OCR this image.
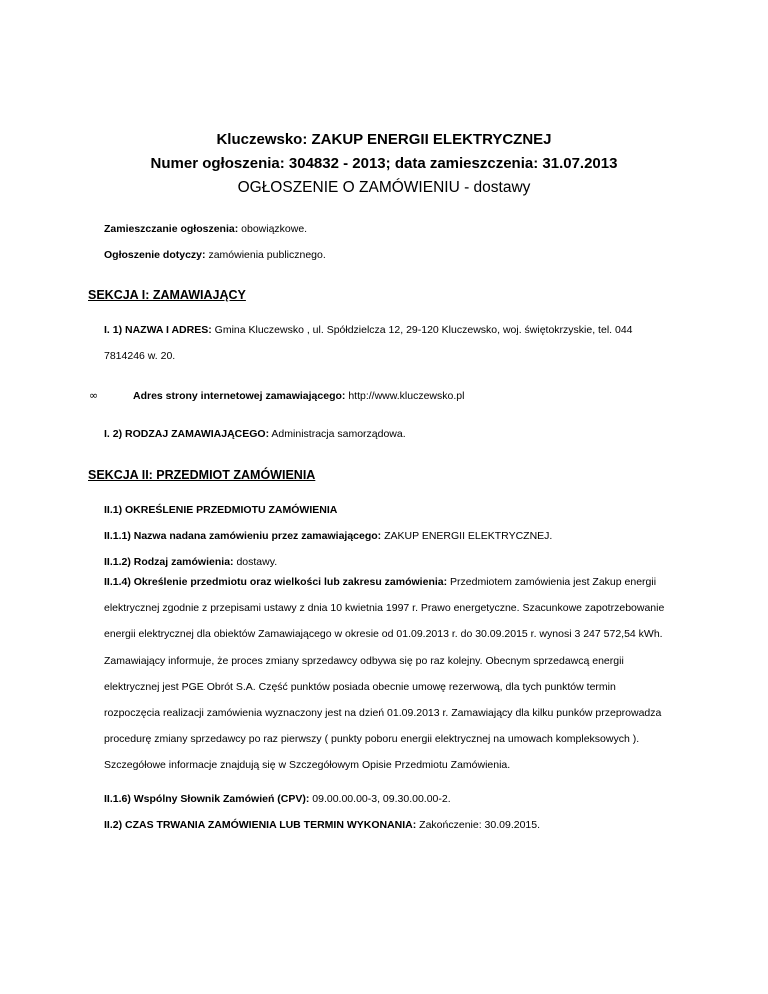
Kluczewsko: ZAKUP ENERGII ELEKTRYCZNEJ

Numer ogłoszenia: 304832 - 2013; data zamieszczenia: 31.07.2013

OGŁOSZENIE O ZAMÓWIENIU - dostawy

Zamieszczanie ogłoszenia: obowiązkowe.
Ogłoszenie dotyczy: zamówienia publicznego.
SEKCJA I: ZAMAWIAJĄCY
I. 1) NAZWA I ADRES: Gmina Kluczewsko , ul. Spółdzielcza 12, 29-120 Kluczewsko, woj. świętokrzyskie, tel. 044 7814246 w. 20.
∞	Adres strony internetowej zamawiającego: http://www.kluczewsko.pl
I. 2) RODZAJ ZAMAWIAJĄCEGO: Administracja samorządowa.
SEKCJA II: PRZEDMIOT ZAMÓWIENIA
II.1) OKREŚLENIE PRZEDMIOTU ZAMÓWIENIA
II.1.1) Nazwa nadana zamówieniu przez zamawiającego: ZAKUP ENERGII ELEKTRYCZNEJ.
II.1.2) Rodzaj zamówienia: dostawy.
II.1.4) Określenie przedmiotu oraz wielkości lub zakresu zamówienia: Przedmiotem zamówienia jest Zakup energii elektrycznej zgodnie z przepisami ustawy z dnia 10 kwietnia 1997 r. Prawo energetyczne. Szacunkowe zapotrzebowanie energii elektrycznej dla obiektów Zamawiającego w okresie od 01.09.2013 r. do 30.09.2015 r. wynosi 3 247 572,54 kWh. Zamawiający informuje, że proces zmiany sprzedawcy odbywa się po raz kolejny. Obecnym sprzedawcą energii elektrycznej jest PGE Obrót S.A. Część punktów posiada obecnie umowę rezerwową, dla tych punktów termin rozpoczęcia realizacji zamówienia wyznaczony jest na dzień 01.09.2013 r. Zamawiający dla kilku punków przeprowadza procedurę zmiany sprzedawcy po raz pierwszy ( punkty poboru energii elektrycznej na umowach kompleksowych ). Szczegółowe informacje znajdują się w Szczegółowym Opisie Przedmiotu Zamówienia.
II.1.6) Wspólny Słownik Zamówień (CPV): 09.00.00.00-3, 09.30.00.00-2.
II.2) CZAS TRWANIA ZAMÓWIENIA LUB TERMIN WYKONANIA: Zakończenie: 30.09.2015.
